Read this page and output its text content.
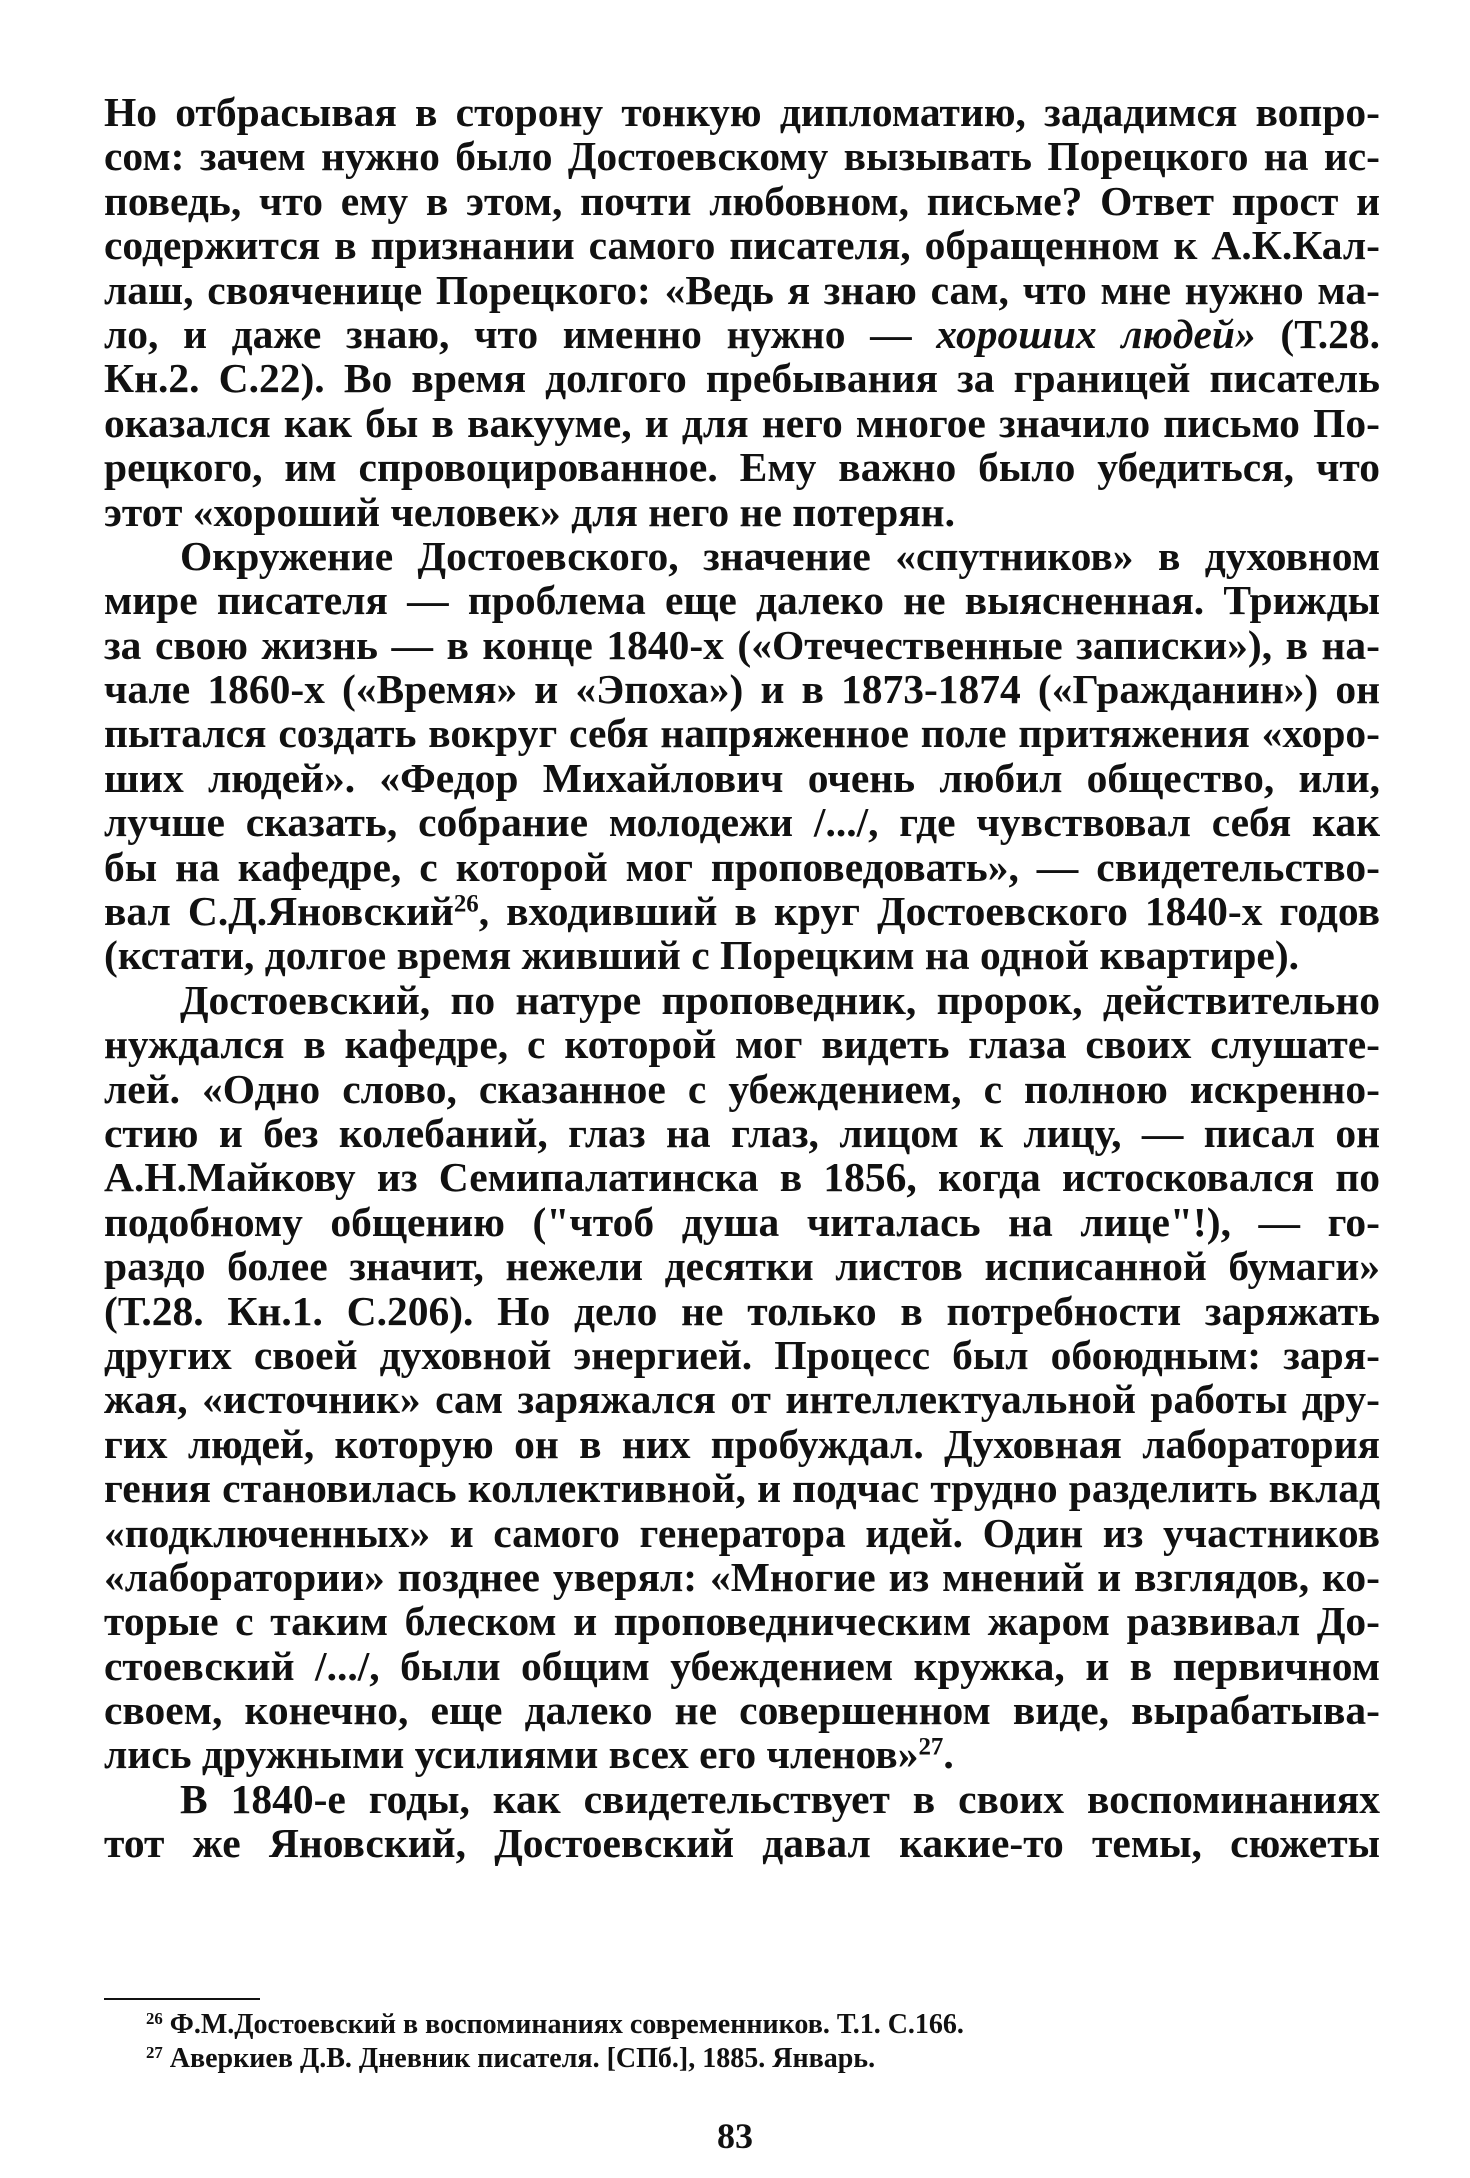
Но отбрасывая в сторону тонкую дипломатию, зададимся вопро-
сом: зачем нужно было Достоевскому вызывать Порецкого на ис-
поведь, что ему в этом, почти любовном, письме? Ответ прост и
содержится в признании самого писателя, обращенном к А.К.Кал-
лаш, свояченице Порецкого: «Ведь я знаю сам, что мне нужно ма-
ло, и даже знаю, что именно нужно — хороших людей» (Т.28.
Кн.2. С.22). Во время долгого пребывания за границей писатель
оказался как бы в вакууме, и для него многое значило письмо По-
рецкого, им спровоцированное. Ему важно было убедиться, что
этот «хороший человек» для него не потерян.
Окружение Достоевского, значение «спутников» в духовном
мире писателя — проблема еще далеко не выясненная. Трижды
за свою жизнь — в конце 1840-х («Отечественные записки»), в на-
чале 1860-х («Время» и «Эпоха») и в 1873-1874 («Гражданин») он
пытался создать вокруг себя напряженное поле притяжения «хоро-
ших людей». «Федор Михайлович очень любил общество, или,
лучше сказать, собрание молодежи /.../, где чувствовал себя как
бы на кафедре, с которой мог проповедовать», — свидетельство-
вал С.Д.Яновский$^{26}$, входивший в круг Достоевского 1840-х годов
(кстати, долгое время живший с Порецким на одной квартире).
Достоевский, по натуре проповедник, пророк, действительно
нуждался в кафедре, с которой мог видеть глаза своих слушате-
лей. «Одно слово, сказанное с убеждением, с полною искренно-
стию и без колебаний, глаз на глаз, лицом к лицу, — писал он
А.Н.Майкову из Семипалатинска в 1856, когда истосковался по
подобному общению ("чтоб душа читалась на лице"!), — го-
раздо более значит, нежели десятки листов исписанной бумаги»
(Т.28. Кн.1. С.206). Но дело не только в потребности заряжать
других своей духовной энергией. Процесс был обоюдным: заря-
жая, «источник» сам заряжался от интеллектуальной работы дру-
гих людей, которую он в них пробуждал. Духовная лаборатория
гения становилась коллективной, и подчас трудно разделить вклад
«подключенных» и самого генератора идей. Один из участников
«лаборатории» позднее уверял: «Многие из мнений и взглядов, ко-
торые с таким блеском и проповедническим жаром развивал До-
стоевский /.../, были общим убеждением кружка, и в первичном
своем, конечно, еще далеко не совершенном виде, вырабатыва-
лись дружными усилиями всех его членов»$^{27}$.
В 1840-е годы, как свидетельствует в своих воспоминаниях
тот же Яновский, Достоевский давал какие-то темы, сюжеты
$^{26}$ Ф.М.Достоевский в воспоминаниях современников. Т.1. С.166.
$^{27}$ Аверкиев Д.В. Дневник писателя. [СПб.], 1885. Январь.
83
